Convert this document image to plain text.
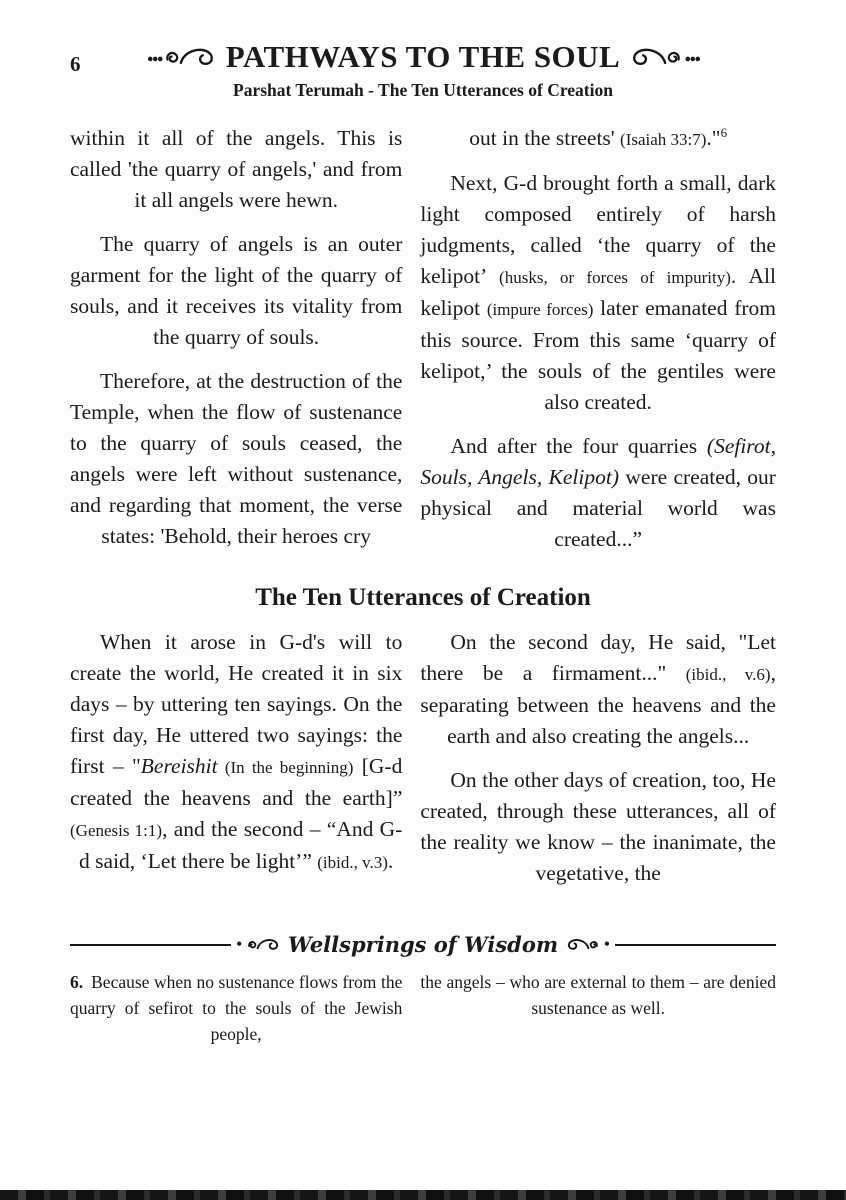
6 ... PATHWAYS TO THE SOUL ...
Parshat Terumah - The Ten Utterances of Creation

within it all of the angels. This is called 'the quarry of angels,' and from it all angels were hewn.

The quarry of angels is an outer garment for the light of the quarry of souls, and it receives its vitality from the quarry of souls.

Therefore, at the destruction of the Temple, when the flow of sustenance to the quarry of souls ceased, the angels were left without sustenance, and regarding that moment, the verse states: 'Behold, their heroes cry

out in the streets' (Isaiah 33:7)."$^6$

Next, G-d brought forth a small, dark light composed entirely of harsh judgments, called ‘the quarry of the kelipot’ (husks, or forces of impurity). All kelipot (impure forces) later emanated from this source. From this same ‘quarry of kelipot,’ the souls of the gentiles were also created.

And after the four quarries (Sefirot, Souls, Angels, Kelipot) were created, our physical and material world was created...”

The Ten Utterances of Creation

When it arose in G-d's will to create the world, He created it in six days – by uttering ten sayings. On the first day, He uttered two sayings: the first – "Bereishit (In the beginning) [G-d created the heavens and the earth]” (Genesis 1:1), and the second – “And G-d said, ‘Let there be light’” (ibid., v.3).

On the second day, He said, "Let there be a firmament..." (ibid., v.6), separating between the heavens and the earth and also creating the angels...

On the other days of creation, too, He created, through these utterances, all of the reality we know – the inanimate, the vegetative, the

• Wellsprings of Wisdom	•

6. Because when no sustenance flows from the quarry of sefirot to the souls of the Jewish people,

the angels – who are external to them – are denied sustenance as well.
